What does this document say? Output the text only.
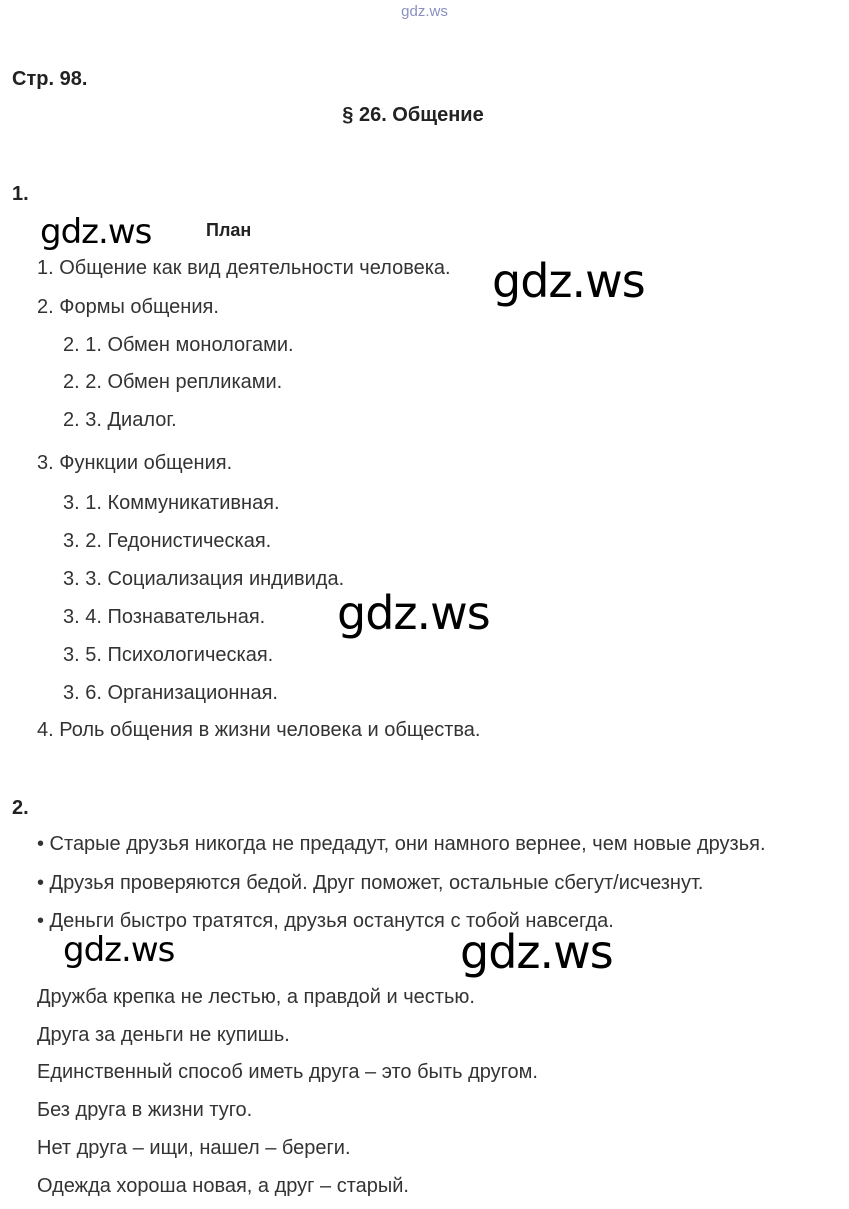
gdz.ws
Стр. 98.
§ 26. Общение
1.
План
1. Общение как вид деятельности человека.
2. Формы общения.
2. 1. Обмен монологами.
2. 2. Обмен репликами.
2. 3. Диалог.
3. Функции общения.
3. 1. Коммуникативная.
3. 2. Гедонистическая.
3. 3. Социализация индивида.
3. 4. Познавательная.
3. 5. Психологическая.
3. 6. Организационная.
4. Роль общения в жизни человека и общества.
2.
• Старые друзья никогда не предадут, они намного вернее, чем новые друзья.
• Друзья проверяются бедой. Друг поможет, остальные сбегут/исчезнут.
• Деньги быстро тратятся, друзья останутся с тобой навсегда.
Дружба крепка не лестью, а правдой и честью.
Друга за деньги не купишь.
Единственный способ иметь друга – это быть другом.
Без друга в жизни туго.
Нет друга – ищи, нашел – береги.
Одежда хороша новая, а друг – старый.
gdz.ws
gdz.ws
gdz.ws
gdz.ws	gdz.ws
